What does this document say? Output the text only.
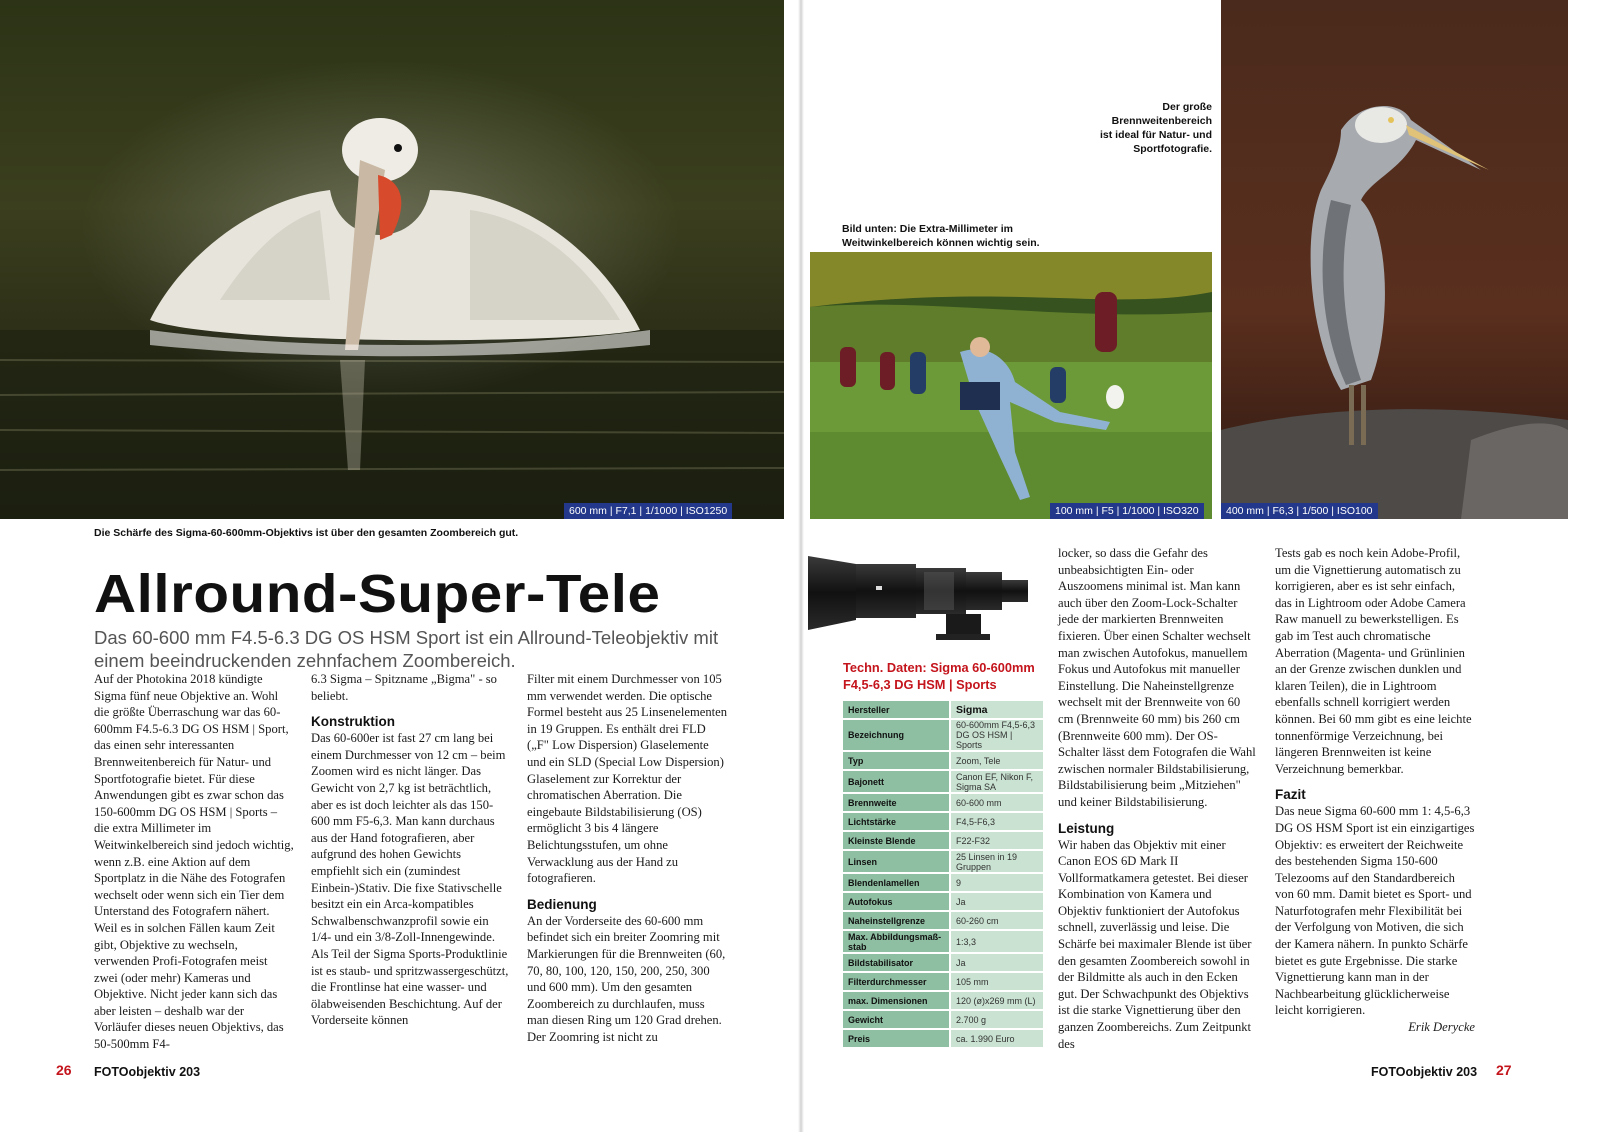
600 mm | F7,1 | 1/1000 | ISO1250
Die Schärfe des Sigma-60-600mm-Objektivs ist über den gesamten Zoombereich gut.
100 mm | F5 | 1/1000 | ISO320
Bild unten: Die Extra-Millimeter im Weitwinkelbereich können wichtig sein.
400 mm | F6,3 | 1/500 | ISO100
Der große Brennweitenbereich ist ideal für Natur- und Sportfotografie.
Allround-Super-Tele

Das 60-600 mm F4.5-6.3 DG OS HSM Sport ist ein Allround-Teleobjektiv mit einem beeindruckenden zehnfachem Zoombereich.

Auf der Photokina 2018 kündigte Sigma fünf neue Objektive an. Wohl die größte Überraschung war das 60-600mm F4.5-6.3 DG OS HSM | Sport, das einen sehr interessanten Brennweitenbereich für Natur- und Sportfotografie bietet. Für diese Anwendungen gibt es zwar schon das 150-600mm DG OS HSM | Sports – die extra Millimeter im Weitwinkelbereich sind jedoch wichtig, wenn z.B. eine Aktion auf dem Sportplatz in die Nähe des Fotografen wechselt oder wenn sich ein Tier dem Unterstand des Fotografern nähert. Weil es in solchen Fällen kaum Zeit gibt, Objektive zu wechseln, verwenden Profi-Fotografen meist zwei (oder mehr) Kameras und Objektive. Nicht jeder kann sich das aber leisten – deshalb war der Vorläufer dieses neuen Objektivs, das 50-500mm F4-

6.3 Sigma – Spitzname „Bigma" - so beliebt.

Konstruktion

Das 60-600er ist fast 27 cm lang bei einem Durchmesser von 12 cm – beim Zoomen wird es nicht länger. Das Gewicht von 2,7 kg ist beträchtlich, aber es ist doch leichter als das 150-600 mm F5-6,3. Man kann durchaus aus der Hand fotografieren, aber aufgrund des hohen Gewichts empfiehlt sich ein (zumindest Einbein-)Stativ. Die fixe Stativschelle besitzt ein ein Arca-kompatibles Schwalbenschwanzprofil sowie ein 1/4- und ein 3/8-Zoll-Innengewinde. Als Teil der Sigma Sports-Produktlinie ist es staub- und spritzwassergeschützt, die Frontlinse hat eine wasser- und ölabweisenden Beschichtung. Auf der Vorderseite können

Filter mit einem Durchmesser von 105 mm verwendet werden. Die optische Formel besteht aus 25 Linsenelementen in 19 Gruppen. Es enthält drei FLD („F" Low Dispersion) Glaselemente und ein SLD (Special Low Dispersion) Glaselement zur Korrektur der chromatischen Aberration. Die eingebaute Bildstabilisierung (OS) ermöglicht 3 bis 4 längere Belichtungsstufen, um ohne Verwacklung aus der Hand zu fotografieren.

Bedienung

An der Vorderseite des 60-600 mm befindet sich ein breiter Zoomring mit Markierungen für die Brennweiten (60, 70, 80, 100, 120, 150, 200, 250, 300 und 600 mm). Um den gesamten Zoombereich zu durchlaufen, muss man diesen Ring um 120 Grad drehen. Der Zoomring ist nicht zu

Techn. Daten: Sigma 60-600mm F4,5-6,3 DG HSM | Sports
Hersteller	Sigma
Bezeichnung	60-600mm F4,5-6,3 DG OS HSM | Sports
Typ	Zoom, Tele
Bajonett	Canon EF, Nikon F, Sigma SA
Brennweite	60-600 mm
Lichtstärke	F4,5-F6,3
Kleinste Blende	F22-F32
Linsen	25 Linsen in 19 Gruppen
Blendenlamellen	9
Autofokus	Ja
Naheinstellgrenze	60-260 cm
Max. Abbildungsmaß-stab	1:3,3
Bildstabilisator	Ja
Filterdurchmesser	105 mm
max. Dimensionen	120 (ø)x269 mm (L)
Gewicht	2.700 g
Preis	ca. 1.990 Euro

locker, so dass die Gefahr des unbeabsichtigten Ein- oder Auszoomens minimal ist. Man kann auch über den Zoom-Lock-Schalter jede der markierten Brennweiten fixieren. Über einen Schalter wechselt man zwischen Autofokus, manuellem Fokus und Autofokus mit manueller Einstellung. Die Naheinstellgrenze wechselt mit der Brennweite von 60 cm (Brennweite 60 mm) bis 260 cm (Brennweite 600 mm). Der OS-Schalter lässt dem Fotografen die Wahl zwischen normaler Bildstabilisierung, Bildstabilisierung beim „Mitziehen" und keiner Bildstabilisierung.

Leistung

Wir haben das Objektiv mit einer Canon EOS 6D Mark II Vollformatkamera getestet. Bei dieser Kombination von Kamera und Objektiv funktioniert der Autofokus schnell, zuverlässig und leise. Die Schärfe bei maximaler Blende ist über den gesamten Zoombereich sowohl in der Bildmitte als auch in den Ecken gut. Der Schwachpunkt des Objektivs ist die starke Vignettierung über den ganzen Zoombereichs. Zum Zeitpunkt des

Tests gab es noch kein Adobe-Profil, um die Vignettierung automatisch zu korrigieren, aber es ist sehr einfach, das in Lightroom oder Adobe Camera Raw manuell zu bewerkstelligen. Es gab im Test auch chromatische Aberration (Magenta- und Grünlinien an der Grenze zwischen dunklen und klaren Teilen), die in Lightroom ebenfalls schnell korrigiert werden können. Bei 60 mm gibt es eine leichte tonnenförmige Verzeichnung, bei längeren Brennweiten ist keine Verzeichnung bemerkbar.

Fazit

Das neue Sigma 60-600 mm 1: 4,5-6,3 DG OS HSM Sport ist ein einzigartiges Objektiv: es erweitert der Reichweite des bestehenden Sigma 150-600 Telezooms auf den Standardbereich von 60 mm. Damit bietet es Sport- und Naturfotografen mehr Flexibilität bei der Verfolgung von Motiven, die sich der Kamera nähern. In punkto Schärfe bietet es gute Ergebnisse. Die starke Vignettierung kann man in der Nachbearbeitung glücklicherweise leicht korrigieren.

Erik Derycke

26 FOTOobjektiv 203	FOTOobjektiv 203 27
